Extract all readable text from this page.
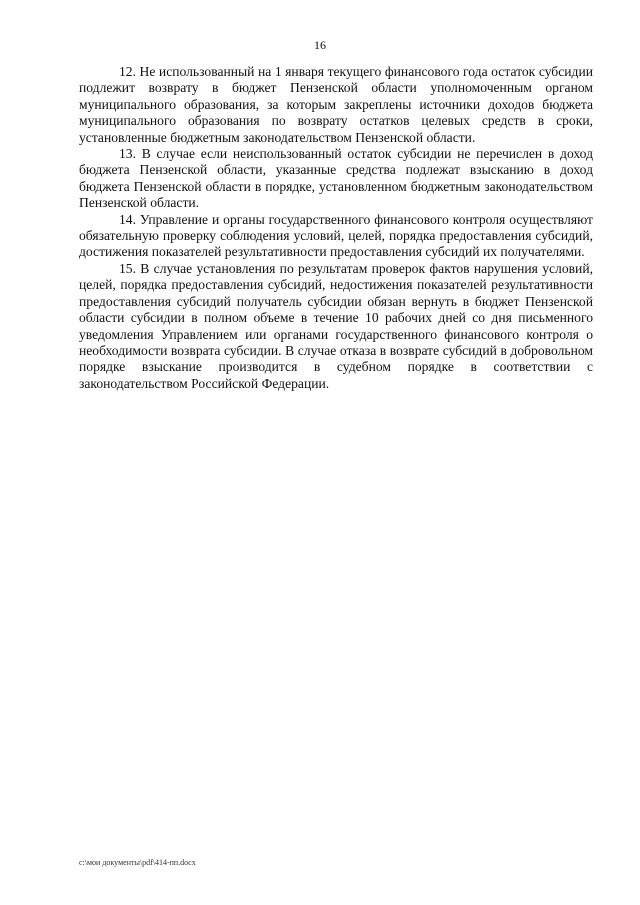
16

12. Не использованный на 1 января текущего финансового года остаток субсидии подлежит возврату в бюджет Пензенской области уполномоченным органом муниципального образования, за которым закреплены источники доходов бюджета муниципального образования по возврату остатков целевых средств в сроки, установленные бюджетным законодательством Пензенской области.

13. В случае если неиспользованный остаток субсидии не перечислен в доход бюджета Пензенской области, указанные средства подлежат взысканию в доход бюджета Пензенской области в порядке, установленном бюджетным законодательством Пензенской области.

14. Управление и органы государственного финансового контроля осуществляют обязательную проверку соблюдения условий, целей, порядка предоставления субсидий, достижения показателей результативности предоставления субсидий их получателями.

15. В случае установления по результатам проверок фактов нарушения условий, целей, порядка предоставления субсидий, недостижения показателей результативности предоставления субсидий получатель субсидии обязан вернуть в бюджет Пензенской области субсидии в полном объеме в течение 10 рабочих дней со дня письменного уведомления Управлением или органами государственного финансового контроля о необходимости возврата субсидии. В случае отказа в возврате субсидий в добровольном порядке взыскание производится в судебном порядке в соответствии с законодательством Российской Федерации.

c:\мои документы\pdf\414-пп.docx
